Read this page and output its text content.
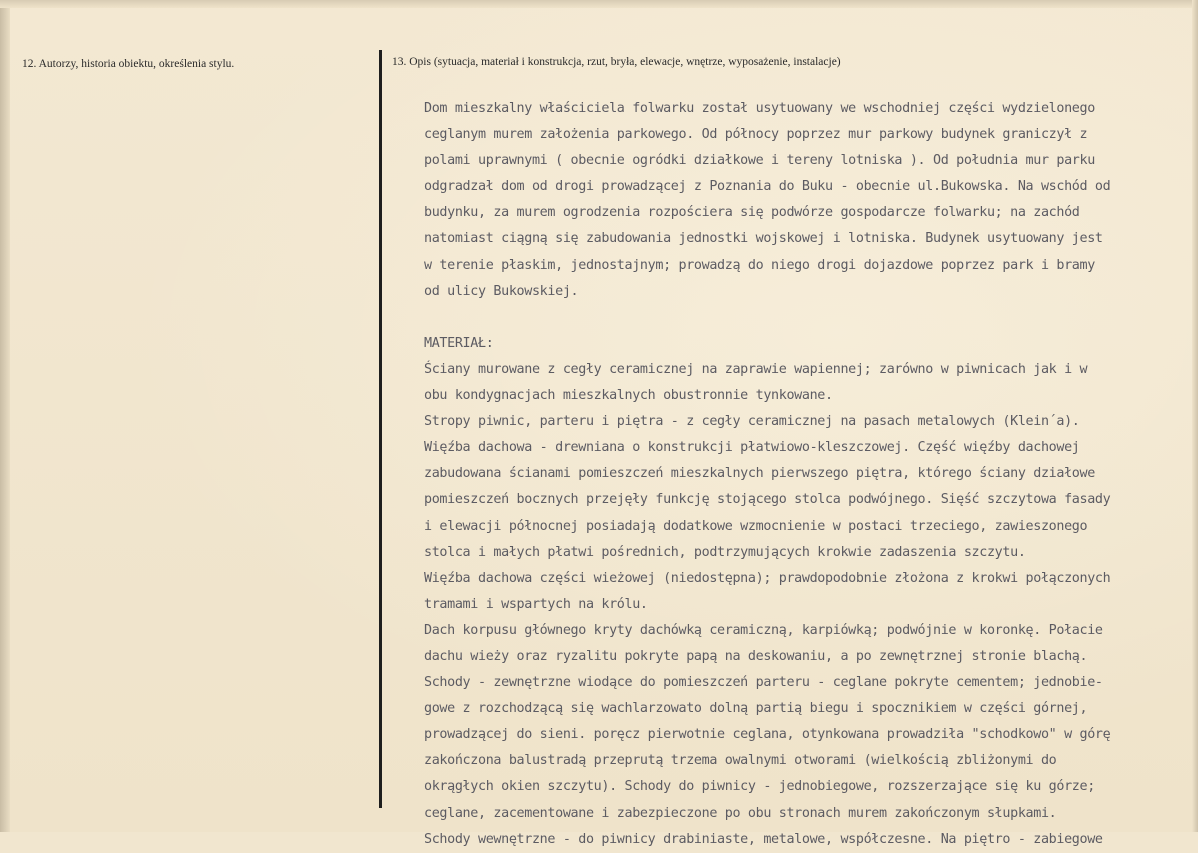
12. Autorzy, historia obiektu, określenia stylu.	13. Opis (sytuacja, materiał i konstrukcja, rzut, bryła, elewacje, wnętrze, wyposażenie, instalacje)
Dom mieszkalny właściciela folwarku został usytuowany we wschodniej części wydzielonego
ceglanym murem założenia parkowego. Od północy poprzez mur parkowy budynek graniczył z
polami uprawnymi ( obecnie ogródki działkowe i tereny lotniska ). Od południa mur parku
odgradzał dom od drogi prowadzącej z Poznania do Buku - obecnie ul.Bukowska. Na wschód od
budynku, za murem ogrodzenia rozpościera się podwórze gospodarcze folwarku; na zachód
natomiast ciągną się zabudowania jednostki wojskowej i lotniska. Budynek usytuowany jest
w terenie płaskim, jednostajnym; prowadzą do niego drogi dojazdowe poprzez park i bramy
od ulicy Bukowskiej.
MATERIAŁ:
Ściany murowane z cegły ceramicznej na zaprawie wapiennej; zarówno w piwnicach jak i w
obu kondygnacjach mieszkalnych obustronnie tynkowane.
Stropy piwnic, parteru i piętra - z cegły ceramicznej na pasach metalowych (Klein´a).
Więźba dachowa - drewniana o konstrukcji płatwiowo-kleszczowej. Część więźby dachowej
zabudowana ścianami pomieszczeń mieszkalnych pierwszego piętra, którego ściany działowe
pomieszczeń bocznych przejęły funkcję stojącego stolca podwójnego. Sięść szczytowa fasady
i elewacji północnej posiadają dodatkowe wzmocnienie w postaci trzeciego, zawieszonego
stolca i małych płatwi pośrednich, podtrzymujących krokwie zadaszenia szczytu.
Więźba dachowa części wieżowej (niedostępna); prawdopodobnie złożona z krokwi połączonych
tramami i wspartych na królu.
Dach korpusu głównego kryty dachówką ceramiczną, karpiówką; podwójnie w koronkę. Połacie
dachu wieży oraz ryzalitu pokryte papą na deskowaniu, a po zewnętrznej stronie blachą.
Schody - zewnętrzne wiodące do pomieszczeń parteru - ceglane pokryte cementem; jednobie-
gowe z rozchodzącą się wachlarzowato dolną partią biegu i spocznikiem w części górnej,
prowadzącej do sieni. poręcz pierwotnie ceglana, otynkowana prowadziła "schodkowo" w górę
zakończona balustradą przeprutą trzema owalnymi otworami (wielkością zbliżonymi do
okrągłych okien szczytu). Schody do piwnicy - jednobiegowe, rozszerzające się ku górze;
ceglane, zacementowane i zabezpieczone po obu stronach murem zakończonym słupkami.
Schody wewnętrzne - do piwnicy drabiniaste, metalowe, współczesne. Na piętro - zabiegowe
